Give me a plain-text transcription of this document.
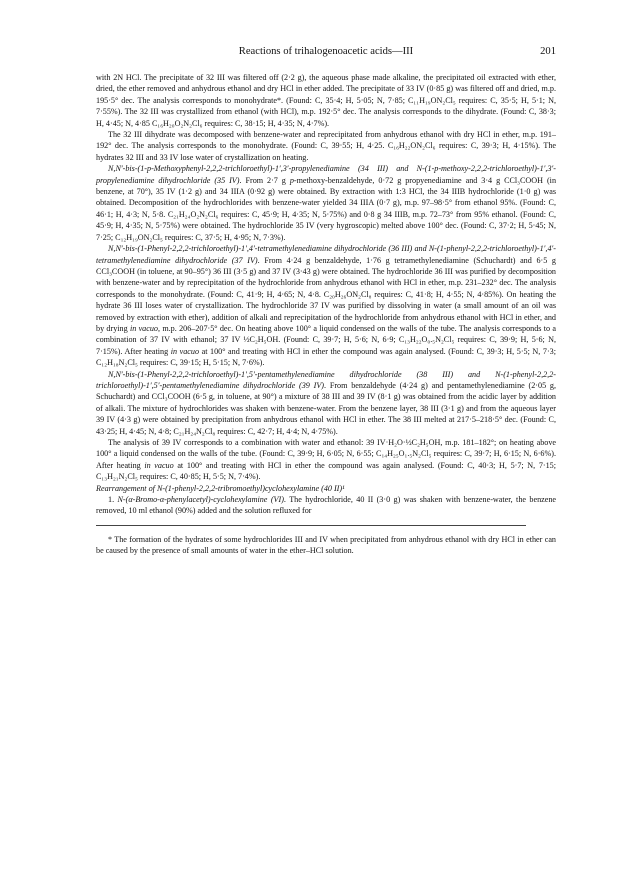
Reactions of trihalogenoacetic acids—III	201

with 2N HCl. The precipitate of 32 III was filtered off (2·2 g), the aqueous phase made alkaline, the precipitated oil extracted with ether, dried, the ether removed and anhydrous ethanol and dry HCl in ether added. The precipitate of 33 IV (0·85 g) was filtered off and dried, m.p. 195·5° dec. The analysis corresponds to monohydrate*. (Found: C, 35·4; H, 5·05; N, 7·85; C₁₁H₁₉ON₂Cl₅ requires: C, 35·5; H, 5·1; N, 7·55%). The 32 III was crystallized from ethanol (with HCl), m.p. 192·5° dec. The analysis corresponds to the dihydrate. (Found: C, 38·3; H, 4·45; N, 4·85 C₁₆H₂₀O₂N₂Cl₆ requires: C, 38·15; H, 4·35; N, 4·7%).

The 32 III dihydrate was decomposed with benzene-water and reprecipitated from anhydrous ethanol with dry HCl in ether, m.p. 191–192° dec. The analysis corresponds to the monohydrate. (Found: C, 39·55; H, 4·25. C₁₆H₂₂ON₂Cl₆ requires: C, 39·3; H, 4·15%). The hydrates 32 III and 33 IV lose water of crystallization on heating.

N,N′-bis-(1-p-Methoxyphenyl-2,2,2-trichloroethyl)-1′,3′-propylenediamine (34 III) and N-(1-p-methoxy-2,2,2-trichloroethyl)-1′,3′-propylenediamine dihydrochloride (35 IV). From 2·7 g p-methoxy-benzaldehyde, 0·72 g propyenediamine and 3·4 g CCl₃COOH (in benzene, at 70°), 35 IV (1·2 g) and 34 IIIA (0·92 g) were obtained. By extraction with 1:3 HCl, the 34 IIIB hydrochloride (1·0 g) was obtained. Decomposition of the hydrochlorides with benzene-water yielded 34 IIIA (0·7 g), m.p. 97–98·5° from ethanol 95%. (Found: C, 46·1; H, 4·3; N, 5·8. C₂₁H₂₄O₂N₂Cl₆ requires: C, 45·9; H, 4·35; N, 5·75%) and 0·8 g 34 IIIB, m.p. 72–73° from 95% ethanol. (Found: C, 45·9; H, 4·35; N, 5·75%) were obtained. The hydrochloride 35 IV (very hygroscopic) melted above 100° dec. (Found: C, 37·2; H, 5·45; N, 7·25; C₁₂H₁₉ON₂Cl₅ requires: C, 37·5; H, 4·95; N, 7·3%).

N,N′-bis-(1-Phenyl-2,2,2-trichloroethyl)-1′,4′-tetramethylenediamine dihydrochloride (36 III) and N-(1-phenyl-2,2,2-trichloroethyl)-1′,4′-tetramethylenediamine dihydrochloride (37 IV). From 4·24 g benzaldehyde, 1·76 g tetramethylenediamine (Schuchardt) and 6·5 g CCl₃COOH (in toluene, at 90–95°) 36 III (3·5 g) and 37 IV (3·43 g) were obtained. The hydrochloride 36 III was purified by decomposition with benzene-water and by reprecipitation of the hydrochloride from anhydrous ethanol with HCl in ether, m.p. 231–232° dec. The analysis corresponds to the monohydrate. (Found: C, 41·9; H, 4·65; N, 4·8. C₂₀H₂₆ON₂Cl₈ requires: C, 41·8; H, 4·55; N, 4·85%). On heating the hydrate 36 III loses water of crystallization. The hydrochloride 37 IV was purified by dissolving in water (a small amount of an oil was removed by extraction with ether), addition of alkali and reprecipitation of the hydrochloride from anhydrous ethanol with HCl in ether, and by drying in vacuo, m.p. 206–207·5° dec. On heating above 100° a liquid condensed on the walls of the tube. The analysis corresponds to a combination of 37 IV with ethanol; 37 IV ½C₂H₅OH. (Found: C, 39·7; H, 5·6; N, 6·9; C₁₃H₂₂O₀.₅N₂Cl₅ requires: C, 39·9; H, 5·6; N, 7·15%). After heating in vacuo at 100° and treating with HCl in ether the compound was again analysed. (Found: C, 39·3; H, 5·5; N, 7·3; C₁₂H₁₈N₂Cl₅ requires: C, 39·15; H, 5·15; N, 7·6%).

N,N′-bis-(1-Phenyl-2,2,2-trichloroethyl)-1′,5′-pentamethylenediamine dihydrochloride (38 III) and N-(1-phenyl-2,2,2-trichloroethyl)-1′,5′-pentamethylenediamine dihydrochloride (39 IV). From benzaldehyde (4·24 g) and pentamethylenediamine (2·05 g, Schuchardt) and CCl₃COOH (6·5 g, in toluene, at 90°) a mixture of 38 III and 39 IV (8·1 g) was obtained from the acidic layer by addition of alkali. The mixture of hydrochlorides was shaken with benzene-water. From the benzene layer, 38 III (3·1 g) and from the aqueous layer 39 IV (4·3 g) were obtained by precipitation from anhydrous ethanol with HCl in ether. The 38 III melted at 217·5–218·5° dec. (Found: C, 43·25; H, 4·45; N, 4·8; C₂₁H₂₄N₂Cl₈ requires: C, 42·7; H, 4·4; N, 4·75%).

The analysis of 39 IV corresponds to a combination with water and ethanol: 39 IV·H₂O·½C₂H₅OH, m.p. 181–182°; on heating above 100° a liquid condensed on the walls of the tube. (Found: C, 39·9; H, 6·05; N, 6·55; C₁₄H₂₅O₁.₅N₂Cl₅ requires: C, 39·7; H, 6·15; N, 6·6%). After heating in vacuo at 100° and treating with HCl in ether the compound was again analysed. (Found: C, 40·3; H, 5·7; N, 7·15; C₁₃H₂₁N₂Cl₅ requires: C, 40·85; H, 5·5; N, 7·4%).

Rearrangement of N-(1-phenyl-2,2,2-tribromoethyl)cyclohexylamine (40 II)¹

1. N-(α-Bromo-α-phenylacetyl)-cyclohexylamine (VI). The hydrochloride, 40 II (3·0 g) was shaken with benzene-water, the benzene removed, 10 ml ethanol (90%) added and the solution refluxed for

* The formation of the hydrates of some hydrochlorides III and IV when precipitated from anhydrous ethanol with dry HCl in ether can be caused by the presence of small amounts of water in the ether–HCl solution.
